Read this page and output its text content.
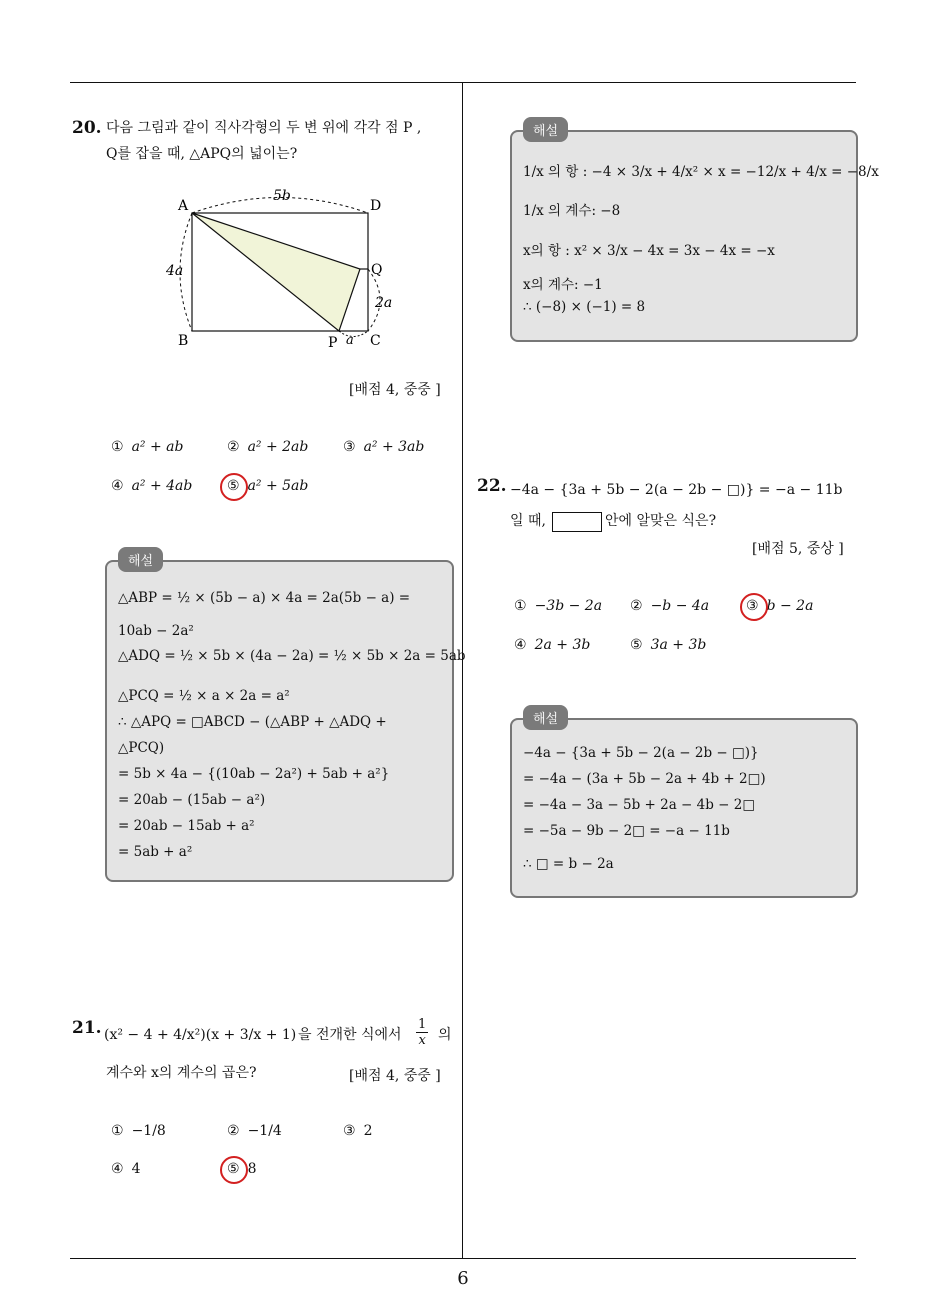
20. 다음 그림과 같이 직사각형의 두 변 위에 각각 점 P ,
Q를 잡을 때, △APQ의 넓이는?
A	D
B	C
P
Q
5b
4a
2a
a
[배점 4, 중중 ]
① a² + ab	② a² + 2ab ③ a² + 3ab
④ a² + 4ab ⑤ a² + 5ab
해설
△ABP = ½ × (5b − a) × 4a = 2a(5b − a) =
10ab − 2a²
△ADQ = ½ × 5b × (4a − 2a) = ½ × 5b × 2a = 5ab
△PCQ = ½ × a × 2a = a²
∴ △APQ = □ABCD − (△ABP + △ADQ +
△PCQ)
= 5b × 4a − {(10ab − 2a²) + 5ab + a²}
= 20ab − (15ab − a²)
= 20ab − 15ab + a²
= 5ab + a²
21. (x² − 4 + 4/x²)(x + 3/x + 1) 을 전개한 식에서
1
x 의
계수와 x의 계수의 곱은?	[배점 4, 중중 ]
① −1/8	② −1/4	③ 2
④ 4	⑤ 8
해설
1/x 의 항 : −4 × 3/x + 4/x² × x = −12/x + 4/x = −8/x
1/x 의 계수: −8
x의 항 : x² × 3/x − 4x = 3x − 4x = −x
x의 계수: −1
∴ (−8) × (−1) = 8
22. −4a − {3a + 5b − 2(a − 2b − □)} = −a − 11b
일 때,	안에 알맞은 식은?
[배점 5, 중상 ]
① −3b − 2a ② −b − 4a	③ b − 2a
④ 2a + 3b	⑤ 3a + 3b
해설
−4a − {3a + 5b − 2(a − 2b − □)}
= −4a − (3a + 5b − 2a + 4b + 2□)
= −4a − 3a − 5b + 2a − 4b − 2□
= −5a − 9b − 2□ = −a − 11b
∴ □ = b − 2a
6
